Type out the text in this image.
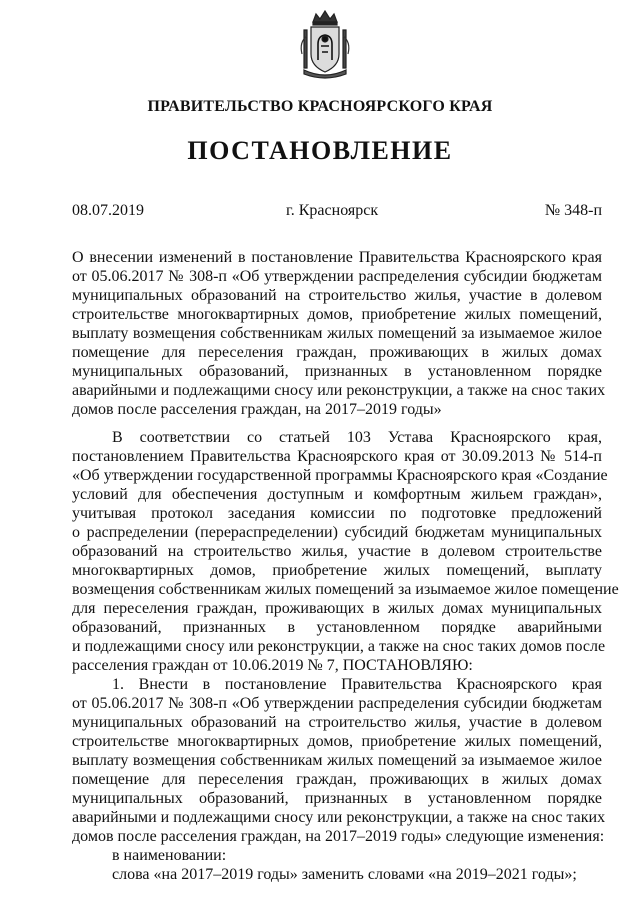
ПРАВИТЕЛЬСТВО КРАСНОЯРСКОГО КРАЯ
ПОСТАНОВЛЕНИЕ
08.07.2019	г. Красноярск	№ 348-п
О внесении изменений в постановление Правительства Красноярского края
от 05.06.2017 № 308-п «Об утверждении распределения субсидии бюджетам
муниципальных образований на строительство жилья, участие в долевом
строительстве многоквартирных домов, приобретение жилых помещений,
выплату возмещения собственникам жилых помещений за изымаемое жилое
помещение для переселения граждан, проживающих в жилых домах
муниципальных образований, признанных в установленном порядке
аварийными и подлежащими сносу или реконструкции, а также на снос таких
домов после расселения граждан, на 2017–2019 годы»
В соответствии со статьей 103 Устава Красноярского края,
постановлением Правительства Красноярского края от 30.09.2013 № 514-п
«Об утверждении государственной программы Красноярского края «Создание
условий для обеспечения доступным и комфортным жильем граждан»,
учитывая протокол заседания комиссии по подготовке предложений
о распределении (перераспределении) субсидий бюджетам муниципальных
образований на строительство жилья, участие в долевом строительстве
многоквартирных домов, приобретение жилых помещений, выплату
возмещения собственникам жилых помещений за изымаемое жилое помещение
для переселения граждан, проживающих в жилых домах муниципальных
образований, признанных в установленном порядке аварийными
и подлежащими сносу или реконструкции, а также на снос таких домов после
расселения граждан от 10.06.2019 № 7, ПОСТАНОВЛЯЮ:
1. Внести в постановление Правительства Красноярского края
от 05.06.2017 № 308-п «Об утверждении распределения субсидии бюджетам
муниципальных образований на строительство жилья, участие в долевом
строительстве многоквартирных домов, приобретение жилых помещений,
выплату возмещения собственникам жилых помещений за изымаемое жилое
помещение для переселения граждан, проживающих в жилых домах
муниципальных образований, признанных в установленном порядке
аварийными и подлежащими сносу или реконструкции, а также на снос таких
домов после расселения граждан, на 2017–2019 годы» следующие изменения:
в наименовании:
слова «на 2017–2019 годы» заменить словами «на 2019–2021 годы»;
